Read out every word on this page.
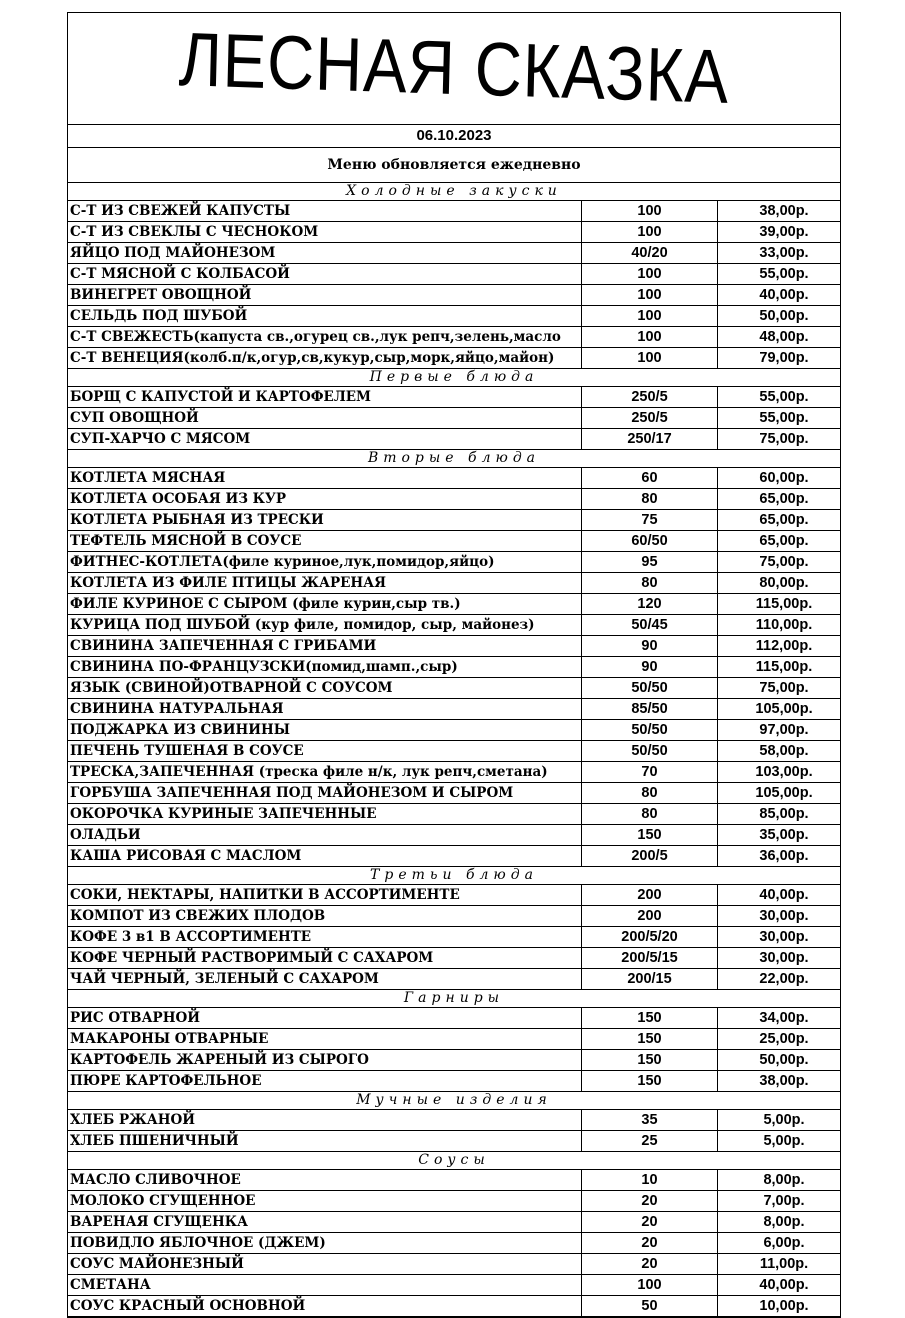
ЛЕСНАЯ СКАЗКА
06.10.2023
Меню обновляется ежедневно
Холодные закуски
С-Т ИЗ СВЕЖЕЙ КАПУСТЫ	100	38,00р.
С-Т ИЗ СВЕКЛЫ С ЧЕСНОКОМ	100	39,00р.
ЯЙЦО ПОД МАЙОНЕЗОМ	40/20	33,00р.
С-Т МЯСНОЙ С КОЛБАСОЙ	100	55,00р.
ВИНЕГРЕТ ОВОЩНОЙ	100	40,00р.
СЕЛЬДЬ ПОД ШУБОЙ	100	50,00р.
С-Т СВЕЖЕСТЬ(капуста св.,огурец св.,лук репч,зелень,масло	100	48,00р.
С-Т ВЕНЕЦИЯ(колб.п/к,огур,св,кукур,сыр,морк,яйцо,майон)	100	79,00р.
Первые блюда
БОРЩ С КАПУСТОЙ И КАРТОФЕЛЕМ	250/5	55,00р.
СУП ОВОЩНОЙ	250/5	55,00р.
СУП-ХАРЧО С МЯСОМ	250/17	75,00р.
Вторые блюда
КОТЛЕТА МЯСНАЯ	60	60,00р.
КОТЛЕТА ОСОБАЯ ИЗ КУР	80	65,00р.
КОТЛЕТА РЫБНАЯ ИЗ ТРЕСКИ	75	65,00р.
ТЕФТЕЛЬ МЯСНОЙ В СОУСЕ	60/50	65,00р.
ФИТНЕС-КОТЛЕТА(филе куриное,лук,помидор,яйцо)	95	75,00р.
КОТЛЕТА ИЗ ФИЛЕ ПТИЦЫ ЖАРЕНАЯ	80	80,00р.
ФИЛЕ КУРИНОЕ С СЫРОМ (филе курин,сыр тв.)	120	115,00р.
КУРИЦА ПОД ШУБОЙ (кур филе, помидор, сыр, майонез)	50/45	110,00р.
СВИНИНА ЗАПЕЧЕННАЯ С ГРИБАМИ	90	112,00р.
СВИНИНА ПО-ФРАНЦУЗСКИ(помид,шамп.,сыр)	90	115,00р.
ЯЗЫК (СВИНОЙ)ОТВАРНОЙ С СОУСОМ	50/50	75,00р.
СВИНИНА НАТУРАЛЬНАЯ	85/50	105,00р.
ПОДЖАРКА ИЗ СВИНИНЫ	50/50	97,00р.
ПЕЧЕНЬ ТУШЕНАЯ В СОУСЕ	50/50	58,00р.
ТРЕСКА,ЗАПЕЧЕННАЯ (треска филе н/к, лук репч,сметана)	70	103,00р.
ГОРБУША ЗАПЕЧЕННАЯ ПОД МАЙОНЕЗОМ И СЫРОМ	80	105,00р.
ОКОРОЧКА КУРИНЫЕ ЗАПЕЧЕННЫЕ	80	85,00р.
ОЛАДЬИ	150	35,00р.
КАША РИСОВАЯ С МАСЛОМ	200/5	36,00р.
Третьи блюда
СОКИ, НЕКТАРЫ, НАПИТКИ В АССОРТИМЕНТЕ	200	40,00р.
КОМПОТ ИЗ СВЕЖИХ ПЛОДОВ	200	30,00р.
КОФЕ 3 в1 В АССОРТИМЕНТЕ	200/5/20	30,00р.
КОФЕ ЧЕРНЫЙ РАСТВОРИМЫЙ С САХАРОМ	200/5/15	30,00р.
ЧАЙ ЧЕРНЫЙ, ЗЕЛЕНЫЙ С САХАРОМ	200/15	22,00р.
Гарниры
РИС ОТВАРНОЙ	150	34,00р.
МАКАРОНЫ ОТВАРНЫЕ	150	25,00р.
КАРТОФЕЛЬ ЖАРЕНЫЙ ИЗ СЫРОГО	150	50,00р.
ПЮРЕ КАРТОФЕЛЬНОЕ	150	38,00р.
Мучные изделия
ХЛЕБ РЖАНОЙ	35	5,00р.
ХЛЕБ ПШЕНИЧНЫЙ	25	5,00р.
Соусы
МАСЛО СЛИВОЧНОЕ	10	8,00р.
МОЛОКО СГУЩЕННОЕ	20	7,00р.
ВАРЕНАЯ СГУЩЕНКА	20	8,00р.
ПОВИДЛО ЯБЛОЧНОЕ (ДЖЕМ)	20	6,00р.
СОУС МАЙОНЕЗНЫЙ	20	11,00р.
СМЕТАНА	100	40,00р.
СОУС КРАСНЫЙ ОСНОВНОЙ	50	10,00р.
